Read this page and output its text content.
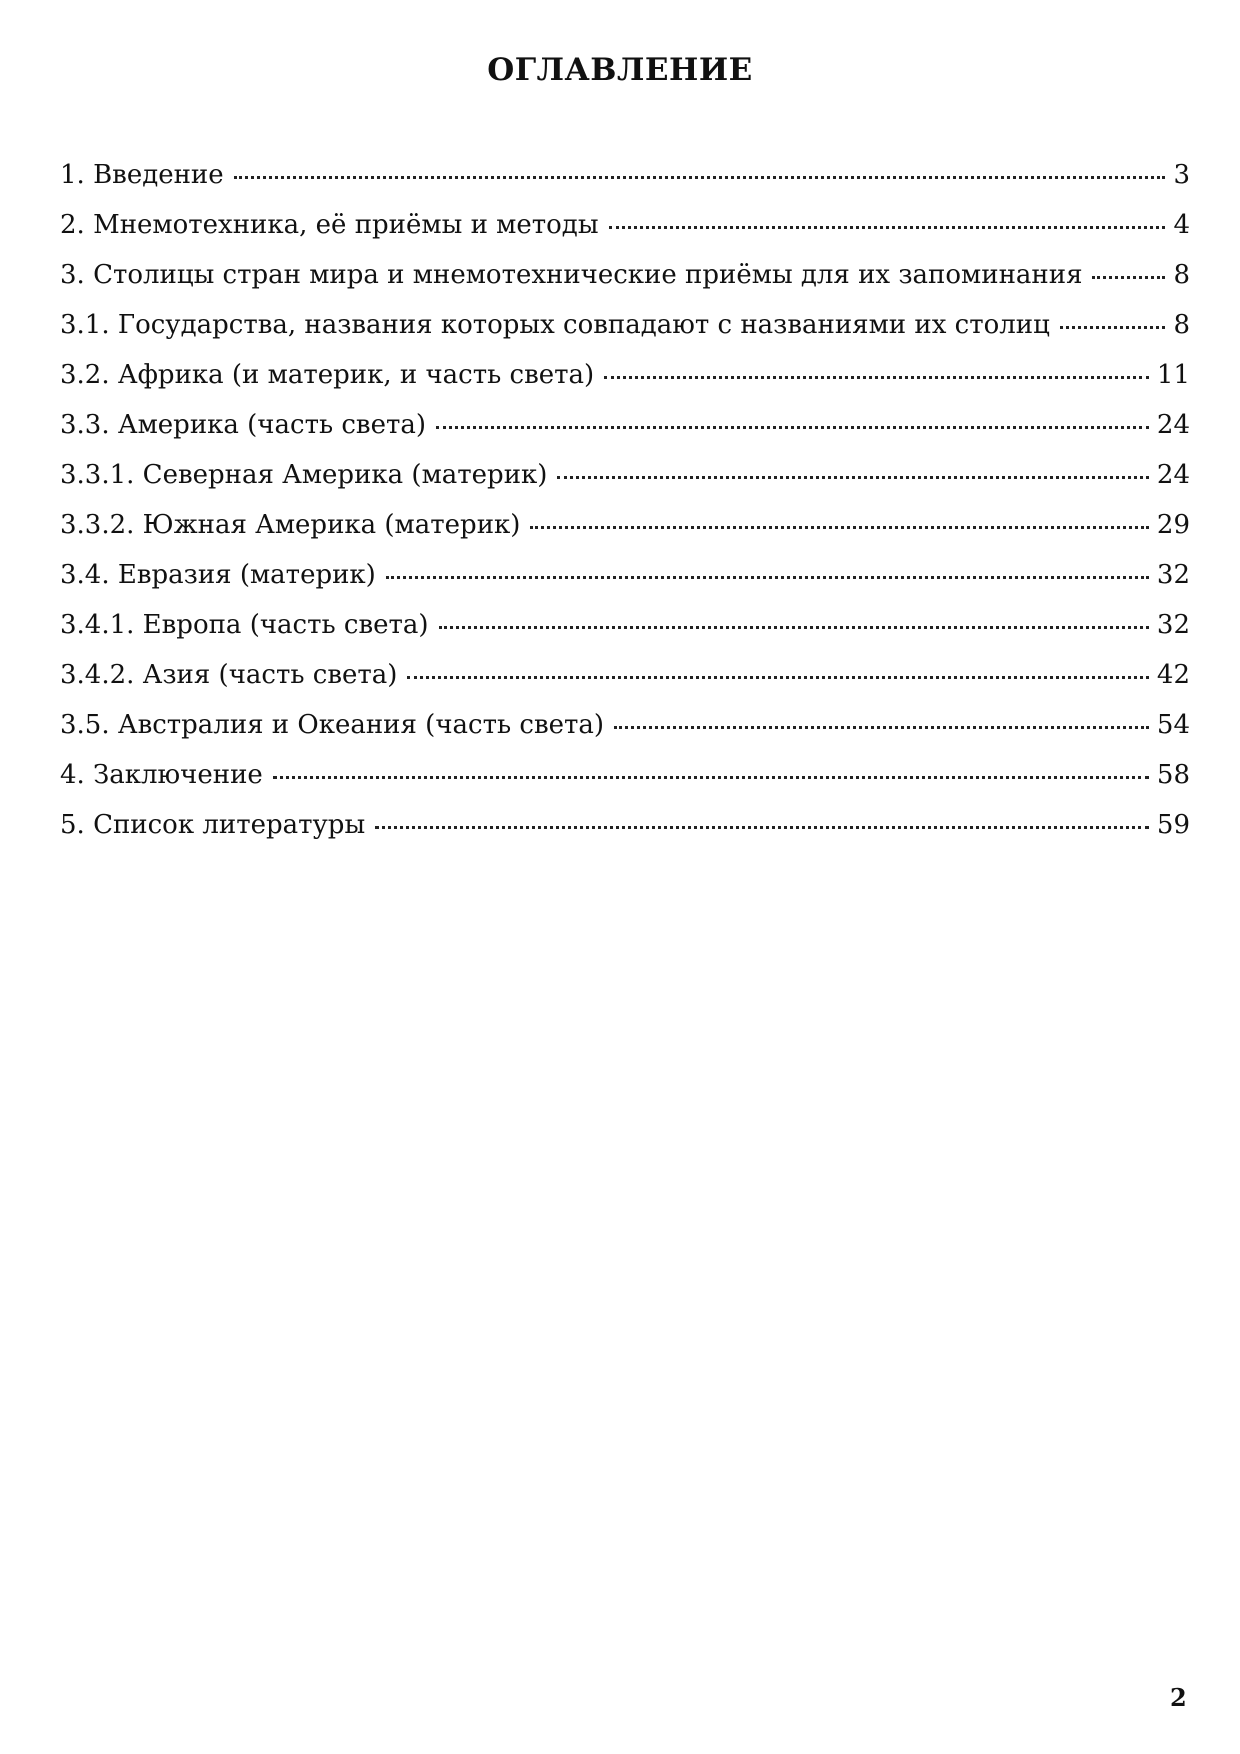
ОГЛАВЛЕНИЕ
1. Введение	3
2. Мнемотехника, её приёмы и методы	4
3. Столицы стран мира и мнемотехнические приёмы для их запоминания	8
3.1. Государства, названия которых совпадают с названиями их столиц	8
3.2. Африка (и материк, и часть света)	11
3.3. Америка (часть света)	24
3.3.1. Северная Америка (материк)	24
3.3.2. Южная Америка (материк)	29
3.4. Евразия (материк)	32
3.4.1. Европа (часть света)	32
3.4.2. Азия (часть света)	42
3.5. Австралия и Океания (часть света)	54
4. Заключение	58
5. Список литературы	59
2
